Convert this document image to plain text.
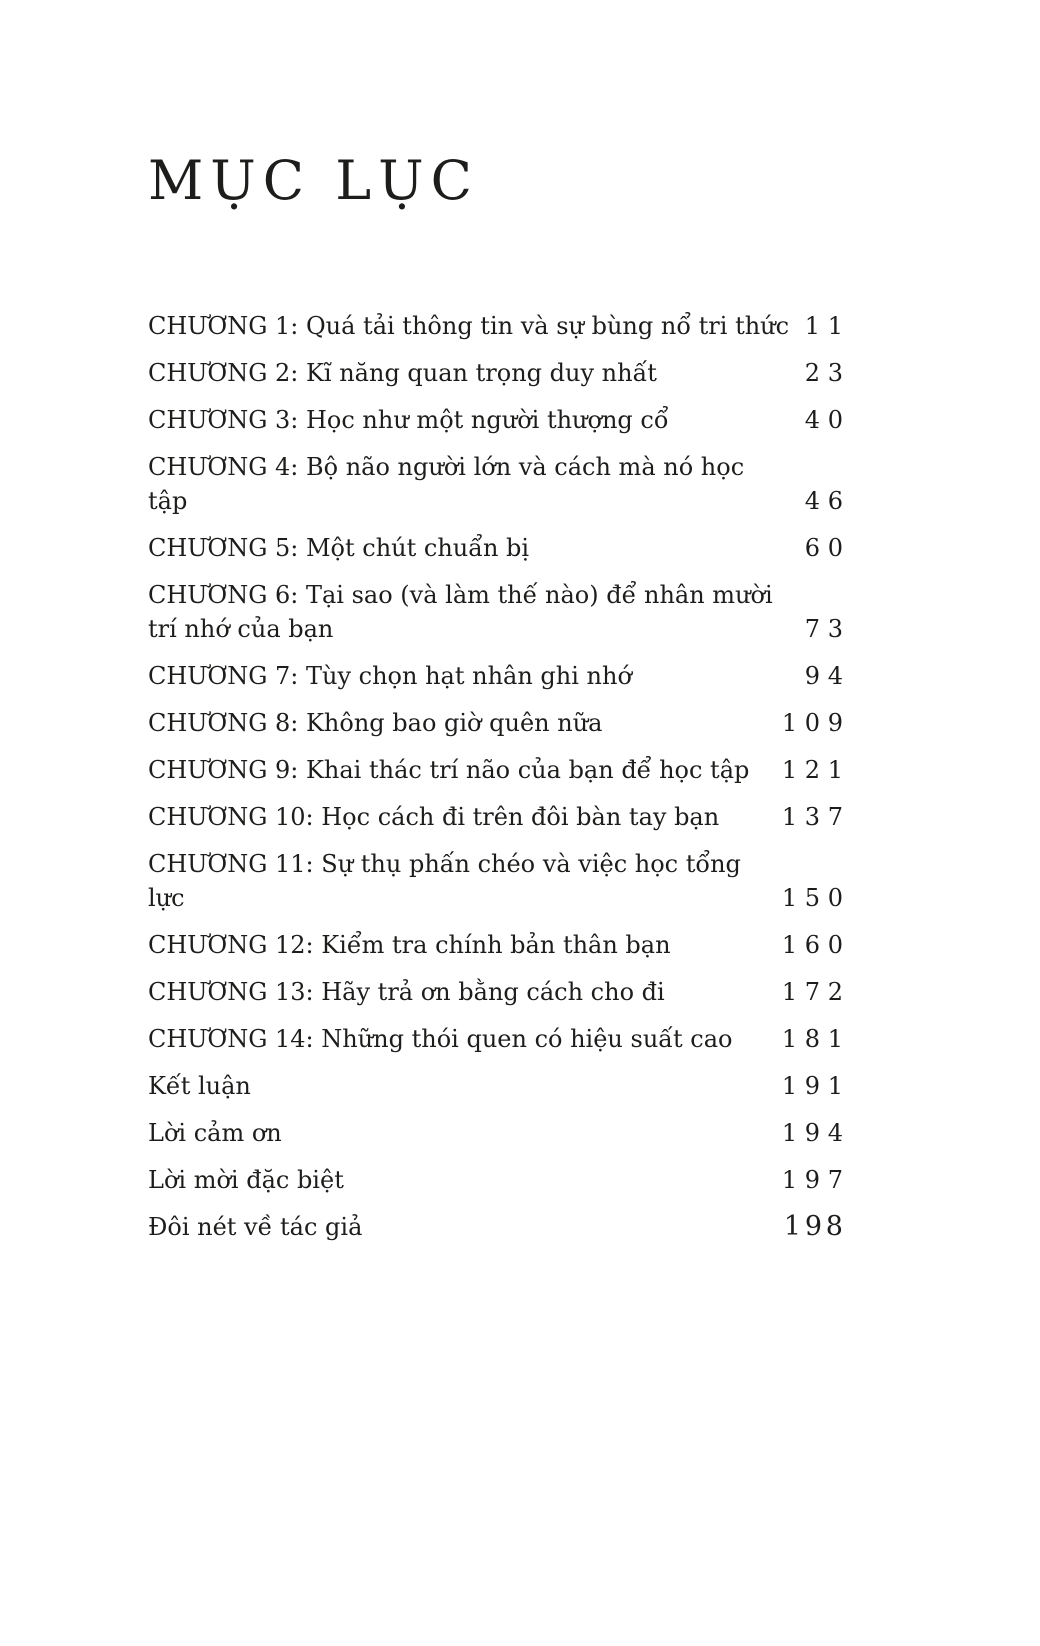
MỤC LỤC
CHƯƠNG 1: Quá tải thông tin và sự bùng nổ tri thức 11
CHƯƠNG 2: Kĩ năng quan trọng duy nhất	23
CHƯƠNG 3: Học như một người thượng cổ	40
CHƯƠNG 4: Bộ não người lớn và cách mà nó học tập	46
CHƯƠNG 5: Một chút chuẩn bị	60
CHƯƠNG 6: Tại sao (và làm thế nào) để nhân mười trí nhớ của bạn	73
CHƯƠNG 7: Tùy chọn hạt nhân ghi nhớ	94
CHƯƠNG 8: Không bao giờ quên nữa	109
CHƯƠNG 9: Khai thác trí não của bạn để học tập	121
CHƯƠNG 10: Học cách đi trên đôi bàn tay bạn	137
CHƯƠNG 11: Sự thụ phấn chéo và việc học tổng lực	150
CHƯƠNG 12: Kiểm tra chính bản thân bạn	160
CHƯƠNG 13: Hãy trả ơn bằng cách cho đi	172
CHƯƠNG 14: Những thói quen có hiệu suất cao	181
Kết luận	191
Lời cảm ơn	194
Lời mời đặc biệt	197
Đôi nét về tác giả	198
